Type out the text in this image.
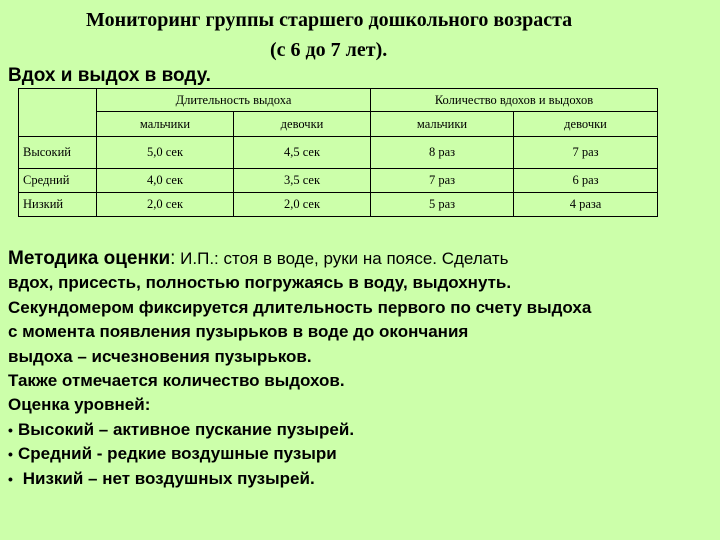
Мониторинг группы старшего дошкольного возраста
(с 6 до 7 лет).
Вдох и выдох в воду.
	Длительность выдоха		Количество вдохов и выдохов	
	мальчики	девочки	мальчики	девочки
Высокий	5,0 сек	4,5 сек	8 раз	7 раз
Средний	4,0 сек	3,5 сек	7 раз	6 раз
Низкий	2,0 сек	2,0 сек	5 раз	4 раза
Методика оценки: И.П.: стоя в воде, руки на поясе. Сделать
вдох, присесть, полностью погружаясь в воду, выдохнуть.
Секундомером фиксируется длительность первого по счету выдоха
с момента появления пузырьков в воде до окончания
выдоха – исчезновения пузырьков.
Также отмечается количество выдохов.
Оценка уровней:
• Высокий – активное пускание пузырей.
• Средний - редкие воздушные пузыри
• Низкий – нет воздушных пузырей.
